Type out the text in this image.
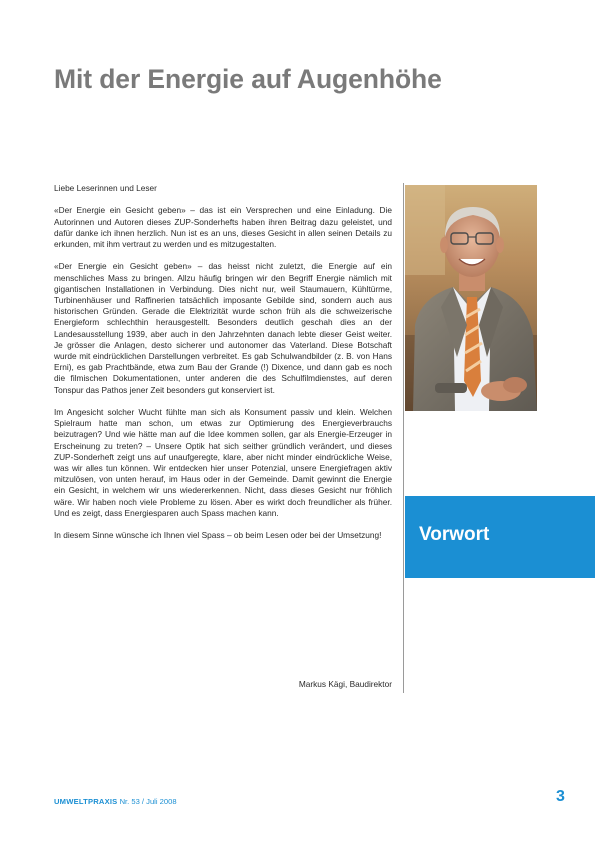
Mit der Energie auf Augenhöhe

Liebe Leserinnen und Leser

«Der Energie ein Gesicht geben» – das ist ein Versprechen und eine Einladung. Die Autorinnen und Autoren dieses ZUP-Sonderhefts haben ihren Beitrag dazu geleistet, und dafür danke ich ihnen herzlich. Nun ist es an uns, dieses Gesicht in allen seinen Details zu erkunden, mit ihm vertraut zu werden und es mitzugestalten.

«Der Energie ein Gesicht geben» – das heisst nicht zuletzt, die Energie auf ein menschliches Mass zu bringen. Allzu häufig bringen wir den Begriff Energie nämlich mit gigantischen Installationen in Verbindung. Dies nicht nur, weil Staumauern, Kühltürme, Turbinenhäuser und Raffinerien tatsächlich imposante Gebilde sind, sondern auch aus historischen Gründen. Gerade die Elektrizität wurde schon früh als die schweizerische Energieform schlechthin herausgestellt. Besonders deutlich geschah dies an der Landesausstellung 1939, aber auch in den Jahrzehnten danach lebte dieser Geist weiter. Je grösser die Anlagen, desto sicherer und autonomer das Vaterland. Diese Botschaft wurde mit eindrücklichen Darstellungen verbreitet. Es gab Schulwandbilder (z. B. von Hans Erni), es gab Prachtbände, etwa zum Bau der Grande (!) Dixence, und dann gab es noch die filmischen Dokumentationen, unter anderen die des Schulfilmdienstes, auf deren Tonspur das Pathos jener Zeit besonders gut konserviert ist.

Im Angesicht solcher Wucht fühlte man sich als Konsument passiv und klein. Welchen Spielraum hatte man schon, um etwas zur Optimierung des Energieverbrauchs beizutragen? Und wie hätte man auf die Idee kommen sollen, gar als Energie-Erzeuger in Erscheinung zu treten? – Unsere Optik hat sich seither gründlich verändert, und dieses ZUP-Sonderheft zeigt uns auf unaufgeregte, klare, aber nicht minder eindrückliche Weise, was wir alles tun können. Wir entdecken hier unser Potenzial, unsere Energiefragen aktiv mitzulösen, von unten herauf, im Haus oder in der Gemeinde. Damit gewinnt die Energie ein Gesicht, in welchem wir uns wiedererkennen. Nicht, dass dieses Gesicht nur fröhlich wäre. Wir haben noch viele Probleme zu lösen. Aber es wirkt doch freundlicher als früher. Und es zeigt, dass Energiesparen auch Spass machen kann.

In diesem Sinne wünsche ich Ihnen viel Spass – ob beim Lesen oder bei der Umsetzung!

Markus Kägi, Baudirektor
Vorwort
UMWELTPRAXIS Nr. 53 / Juli 2008	3
